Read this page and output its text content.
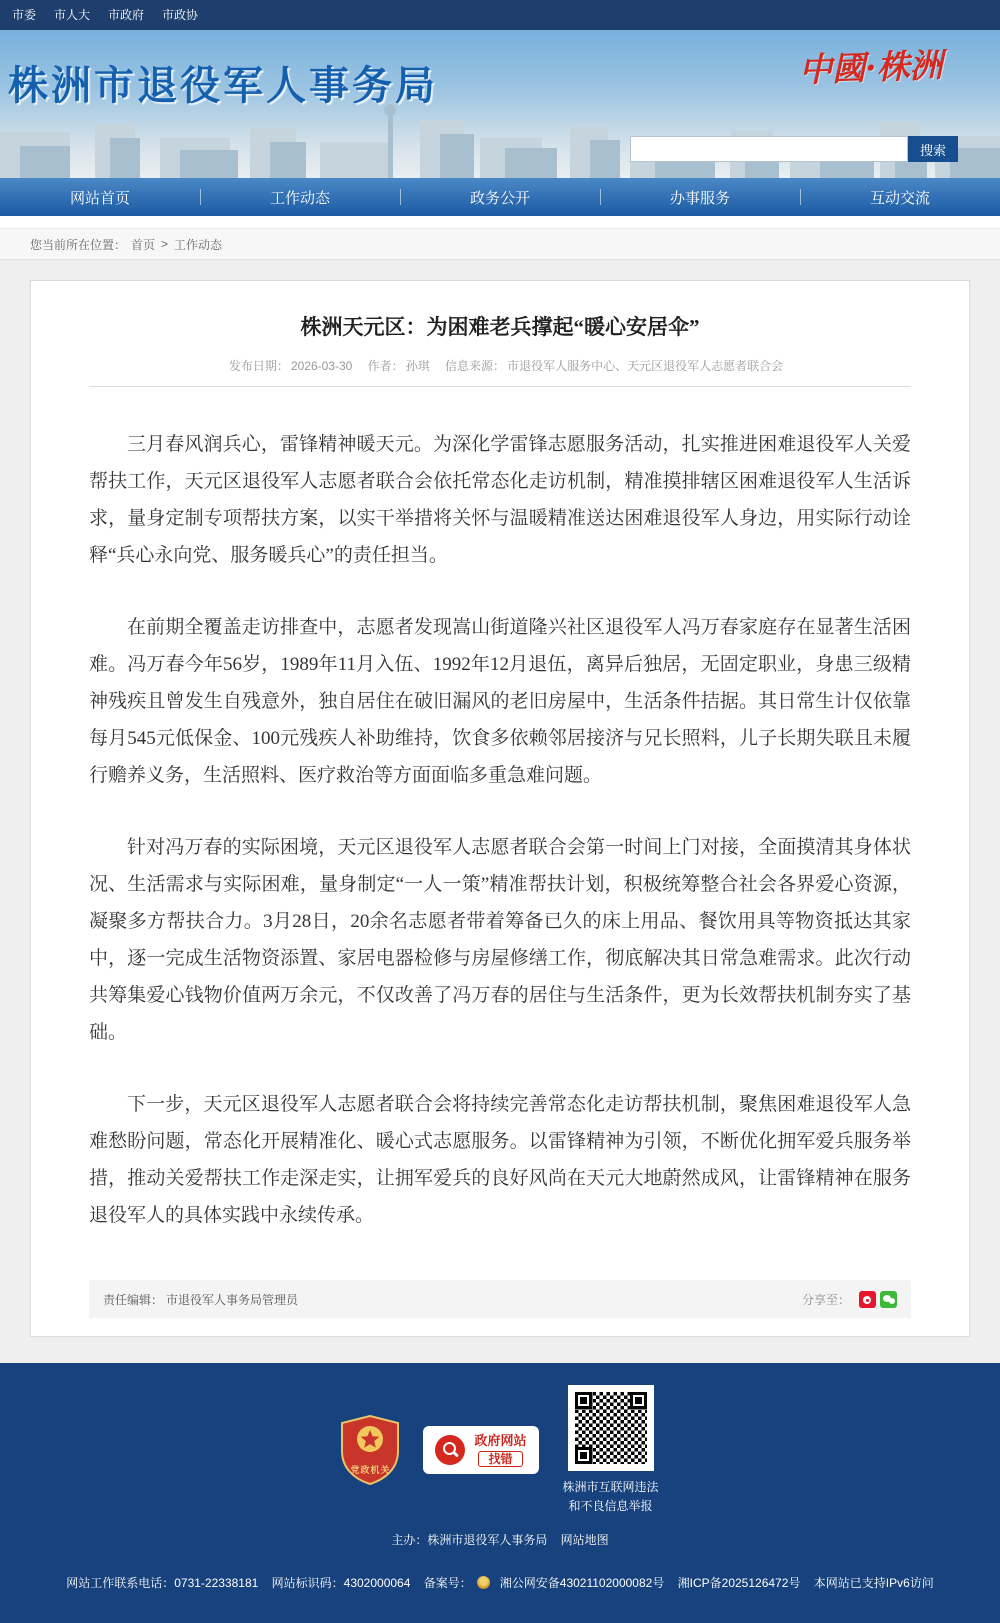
市委 市人大 市政府 市政协
株洲市退役军人事务局	中國·株洲
搜索
网站首页	工作动态	政务公开	办事服务	互动交流
您当前所在位置： 首页 > 工作动态
株洲天元区：为困难老兵撑起“暖心安居伞”
发布日期： 2026-03-30 作者： 孙琪 信息来源： 市退役军人服务中心、天元区退役军人志愿者联合会

三月春风润兵心，雷锋精神暖天元。为深化学雷锋志愿服务活动，扎实推进困难退役军人关爱帮扶工作，天元区退役军人志愿者联合会依托常态化走访机制，精准摸排辖区困难退役军人生活诉求，量身定制专项帮扶方案，以实干举措将关怀与温暖精准送达困难退役军人身边，用实际行动诠释“兵心永向党、服务暖兵心”的责任担当。

在前期全覆盖走访排查中，志愿者发现嵩山街道隆兴社区退役军人冯万春家庭存在显著生活困难。冯万春今年56岁，1989年11月入伍、1992年12月退伍，离异后独居，无固定职业，身患三级精神残疾且曾发生自残意外，独自居住在破旧漏风的老旧房屋中，生活条件拮据。其日常生计仅依靠每月545元低保金、100元残疾人补助维持，饮食多依赖邻居接济与兄长照料，儿子长期失联且未履行赡养义务，生活照料、医疗救治等方面面临多重急难问题。

针对冯万春的实际困境，天元区退役军人志愿者联合会第一时间上门对接，全面摸清其身体状况、生活需求与实际困难，量身制定“一人一策”精准帮扶计划，积极统筹整合社会各界爱心资源，凝聚多方帮扶合力。3月28日，20余名志愿者带着筹备已久的床上用品、餐饮用具等物资抵达其家中，逐一完成生活物资添置、家居电器检修与房屋修缮工作，彻底解决其日常急难需求。此次行动共筹集爱心钱物价值两万余元，不仅改善了冯万春的居住与生活条件，更为长效帮扶机制夯实了基础。

下一步，天元区退役军人志愿者联合会将持续完善常态化走访帮扶机制，聚焦困难退役军人急难愁盼问题，常态化开展精准化、暖心式志愿服务。以雷锋精神为引领，不断优化拥军爱兵服务举措，推动关爱帮扶工作走深走实，让拥军爱兵的良好风尚在天元大地蔚然成风，让雷锋精神在服务退役军人的具体实践中永续传承。

责任编辑： 市退役军人事务局管理员	分享至：
党政机关
政府网站
找错
株洲市互联网违法
和不良信息举报
主办：株洲市退役军人事务局 网站地图
网站工作联系电话：0731-22338181 网站标识码：4302000064 备案号： 湘公网安备43021102000082号 湘ICP备2025126472号 本网站已支持IPv6访问
